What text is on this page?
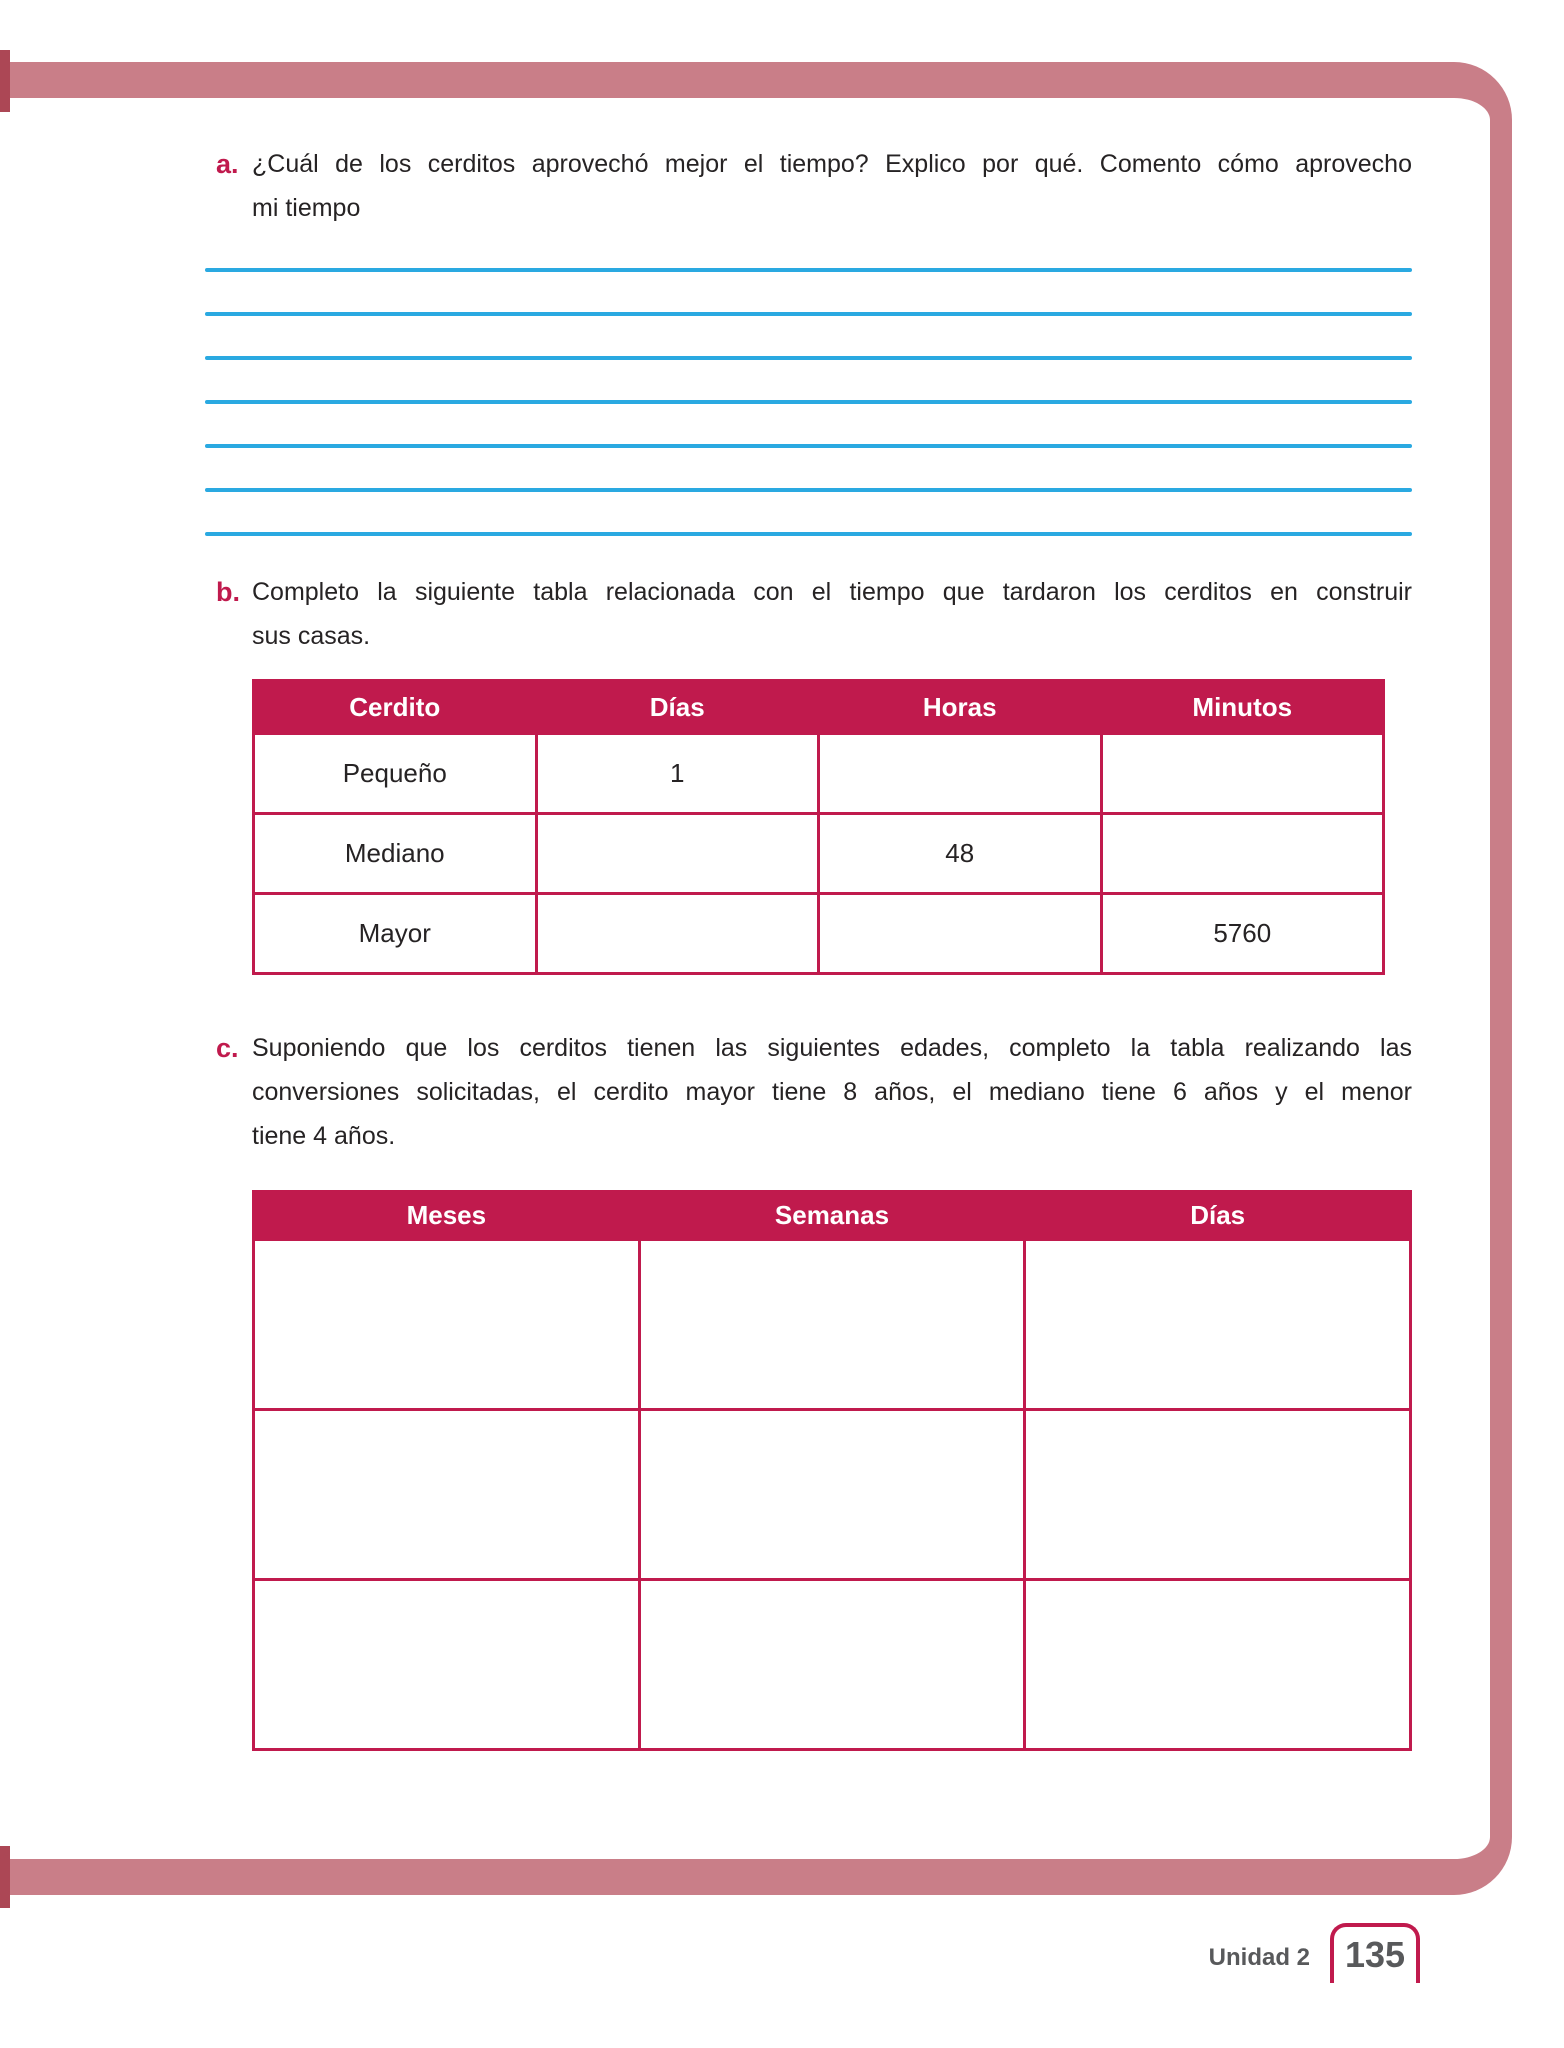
a. ¿Cuál de los cerditos aprovechó mejor el tiempo? Explico por qué. Comento cómo aprovecho
mi tiempo
b. Completo la siguiente tabla relacionada con el tiempo que tardaron los cerditos en construir
sus casas.
Cerdito	Días	Horas	Minutos
Pequeño	1		
Mediano		48	
Mayor			5760
c. Suponiendo que los cerditos tienen las siguientes edades, completo la tabla realizando las
conversiones solicitadas, el cerdito mayor tiene 8 años, el mediano tiene 6 años y el menor
tiene 4 años.
Meses	Semanas	Días

Unidad 2 135
